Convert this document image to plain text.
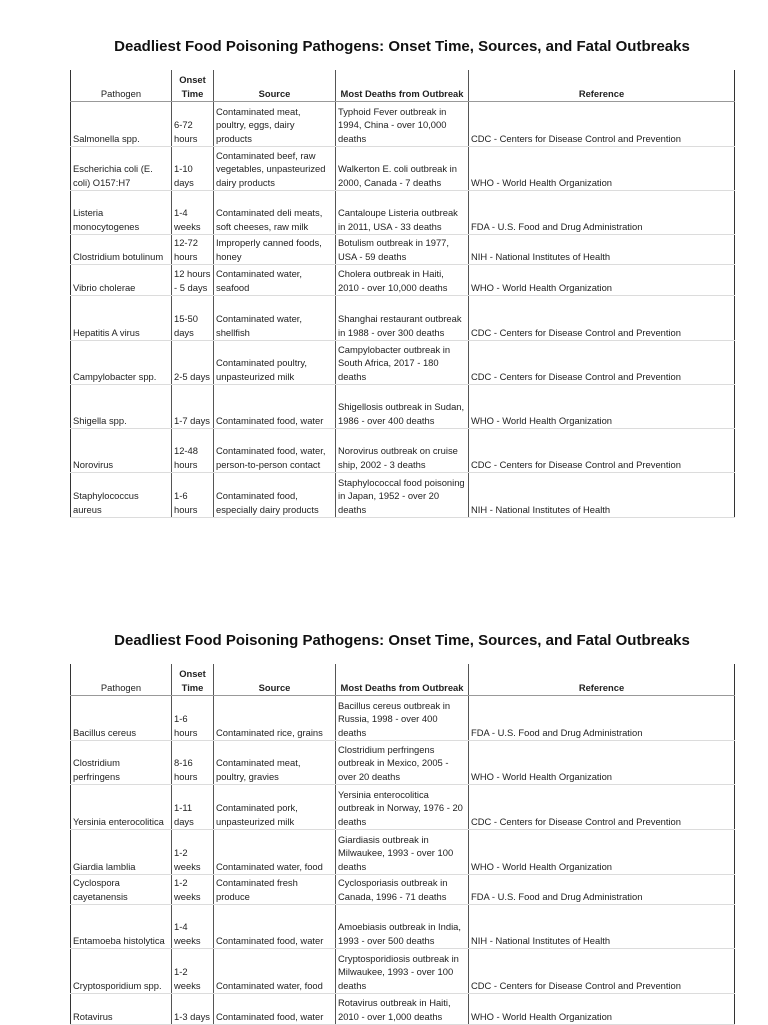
Deadliest Food Poisoning Pathogens: Onset Time, Sources, and Fatal Outbreaks
Pathogen	Onset Time	Source	Most Deaths from Outbreak	Reference
Salmonella spp.	6-72 hours	Contaminated meat, poultry, eggs, dairy products	Typhoid Fever outbreak in 1994, China - over 10,000 deaths	CDC - Centers for Disease Control and Prevention
Escherichia coli (E. coli) O157:H7	1-10 days	Contaminated beef, raw vegetables, unpasteurized dairy products	Walkerton E. coli outbreak in 2000, Canada - 7 deaths	WHO - World Health Organization
Listeria monocytogenes	1-4 weeks	Contaminated deli meats, soft cheeses, raw milk	Cantaloupe Listeria outbreak in 2011, USA - 33 deaths	FDA - U.S. Food and Drug Administration
Clostridium botulinum	12-72 hours	Improperly canned foods, honey	Botulism outbreak in 1977, USA - 59 deaths	NIH - National Institutes of Health
Vibrio cholerae	12 hours - 5 days	Contaminated water, seafood	Cholera outbreak in Haiti, 2010 - over 10,000 deaths	WHO - World Health Organization
Hepatitis A virus	15-50 days	Contaminated water, shellfish	Shanghai restaurant outbreak in 1988 - over 300 deaths	CDC - Centers for Disease Control and Prevention
Campylobacter spp.	2-5 days	Contaminated poultry, unpasteurized milk	Campylobacter outbreak in South Africa, 2017 - 180 deaths	CDC - Centers for Disease Control and Prevention
Shigella spp.	1-7 days	Contaminated food, water	Shigellosis outbreak in Sudan, 1986 - over 400 deaths	WHO - World Health Organization
Norovirus	12-48 hours	Contaminated food, water, person-to-person contact	Norovirus outbreak on cruise ship, 2002 - 3 deaths	CDC - Centers for Disease Control and Prevention
Staphylococcus aureus	1-6 hours	Contaminated food, especially dairy products	Staphylococcal food poisoning in Japan, 1952 - over 20 deaths	NIH - National Institutes of Health
Deadliest Food Poisoning Pathogens: Onset Time, Sources, and Fatal Outbreaks
Pathogen	Onset Time	Source	Most Deaths from Outbreak	Reference
Bacillus cereus	1-6 hours	Contaminated rice, grains	Bacillus cereus outbreak in Russia, 1998 - over 400 deaths	FDA - U.S. Food and Drug Administration
Clostridium perfringens	8-16 hours	Contaminated meat, poultry, gravies	Clostridium perfringens outbreak in Mexico, 2005 - over 20 deaths	WHO - World Health Organization
Yersinia enterocolitica	1-11 days	Contaminated pork, unpasteurized milk	Yersinia enterocolitica outbreak in Norway, 1976 - 20 deaths	CDC - Centers for Disease Control and Prevention
Giardia lamblia	1-2 weeks	Contaminated water, food	Giardiasis outbreak in Milwaukee, 1993 - over 100 deaths	WHO - World Health Organization
Cyclospora cayetanensis	1-2 weeks	Contaminated fresh produce	Cyclosporiasis outbreak in Canada, 1996 - 71 deaths	FDA - U.S. Food and Drug Administration
Entamoeba histolytica	1-4 weeks	Contaminated food, water	Amoebiasis outbreak in India, 1993 - over 500 deaths	NIH - National Institutes of Health
Cryptosporidium spp.	1-2 weeks	Contaminated water, food	Cryptosporidiosis outbreak in Milwaukee, 1993 - over 100 deaths	CDC - Centers for Disease Control and Prevention
Rotavirus	1-3 days	Contaminated food, water	Rotavirus outbreak in Haiti, 2010 - over 1,000 deaths	WHO - World Health Organization
